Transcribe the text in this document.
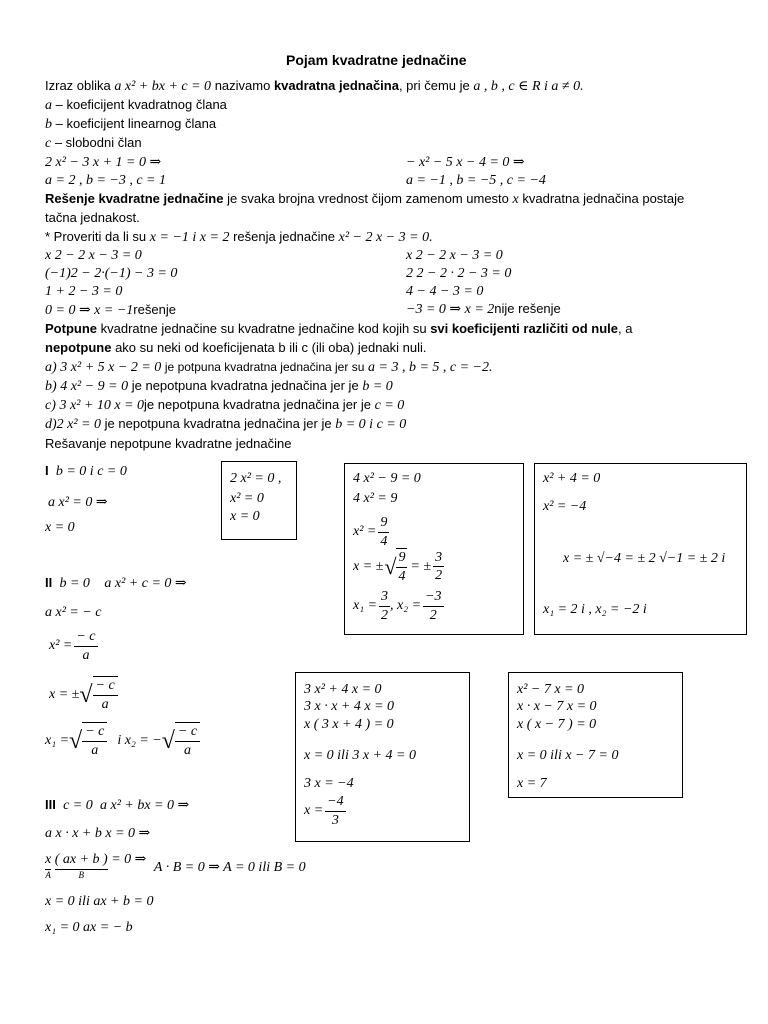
Pojam kvadratne jednačine
Izraz oblika a x² + bx + c = 0 nazivamo kvadratna jednačina, pri čemu je a , b , c ∈ R i a ≠ 0.
a – koeficijent kvadratnog člana
b – koeficijent linearnog člana
c – slobodni član
2 x² − 3 x + 1 = 0 ⇒
a = 2 , b = −3 , c = 1
− x² − 5 x − 4 = 0 ⇒
a = −1 , b = −5 , c = −4
Rešenje kvadratne jednačine je svaka brojna vrednost čijom zamenom umesto x kvadratna jednačina postaje
tačna jednakost.
* Proveriti da li su x = −1 i x = 2 rešenja jednačine x² − 2 x − 3 = 0.
x 2 − 2 x − 3 = 0
(−1)2 − 2·(−1) − 3 = 0
1 + 2 − 3 = 0
0 = 0 ⇒ x = −1rešenje
x 2 − 2 x − 3 = 0
2 2 − 2 · 2 − 3 = 0
4 − 4 − 3 = 0
−3 = 0 ⇒ x = 2nije rešenje
Potpune kvadratne jednačine su kvadratne jednačine kod kojih su svi koeficijenti različiti od nule, a
nepotpune ako su neki od koeficijenata b ili c (ili oba) jednaki nuli.
a) 3 x² + 5 x − 2 = 0 je potpuna kvadratna jednačina jer su a = 3 , b = 5 , c = −2.
b) 4 x² − 9 = 0 je nepotpuna kvadratna jednačina jer je b = 0
c) 3 x² + 10 x = 0je nepotpuna kvadratna jednačina jer je c = 0
d)2 x² = 0 je nepotpuna kvadratna jednačina jer je b = 0 i c = 0
Rešavanje nepotpune kvadratne jednačine
I b = 0 i c = 0
a x² = 0 ⇒
x = 0
2 x² = 0 ,
x² = 0
x = 0
4 x² − 9 = 0
4 x² = 9
$x^2 = \frac{9}{4}$
x = ± √ $\frac{9}{4}$ = ± $\frac{3}{2}$
$x_1 = \frac{3}{2}$ , $x_2 = \frac{-3}{2}$
x² + 4 = 0
x² = −4
x = ± √−4 = ± 2 √−1 = ± 2 i
x₁ = 2 i , x₂ = −2 i
II b = 0 a x² + c = 0 ⇒
a x² = − c
$x^2 = \frac{- c}{a}$
x = ± √ − c
a
x₁ = √ − c
a
i x₂ = − √ − c
a
3 x² + 4 x = 0
3 x · x + 4 x = 0
x ( 3 x + 4 ) = 0
x = 0 ili 3 x + 4 = 0
3 x = −4
$x = \frac{-4}{3}$
x² − 7 x = 0
x · x − 7 x = 0
x ( x − 7 ) = 0
x = 0 ili x − 7 = 0
x = 7
III c = 0 a x² + bx = 0 ⇒
a x · x + b x = 0 ⇒
x
A

( ax + b )
B
= 0 ⇒ A · B = 0 ⇒ A = 0 ili B = 0
x = 0 ili ax + b = 0
x₁ = 0 ax = − b
